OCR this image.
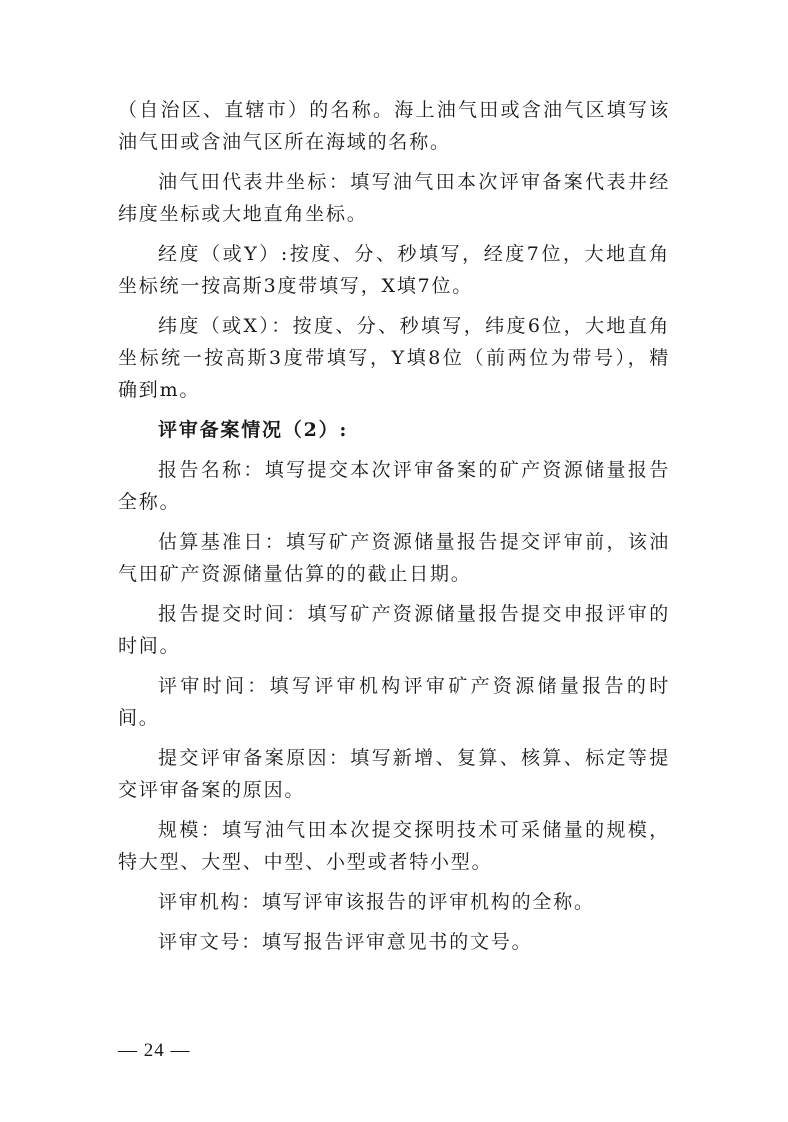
（自治区、直辖市）的名称。海上油气田或含油气区填写该油气田或含油气区所在海域的名称。

油气田代表井坐标：填写油气田本次评审备案代表井经纬度坐标或大地直角坐标。

经度（或Y）:按度、分、秒填写，经度7位，大地直角坐标统一按高斯3度带填写，X填7位。

纬度（或X）：按度、分、秒填写，纬度6位，大地直角坐标统一按高斯3度带填写，Y填8位（前两位为带号），精确到m。

评审备案情况（2）:

报告名称：填写提交本次评审备案的矿产资源储量报告全称。

估算基准日：填写矿产资源储量报告提交评审前，该油气田矿产资源储量估算的的截止日期。

报告提交时间：填写矿产资源储量报告提交申报评审的时间。

评审时间：填写评审机构评审矿产资源储量报告的时间。

提交评审备案原因：填写新增、复算、核算、标定等提交评审备案的原因。

规模：填写油气田本次提交探明技术可采储量的规模，特大型、大型、中型、小型或者特小型。

评审机构：填写评审该报告的评审机构的全称。

评审文号：填写报告评审意见书的文号。

— 24 —
